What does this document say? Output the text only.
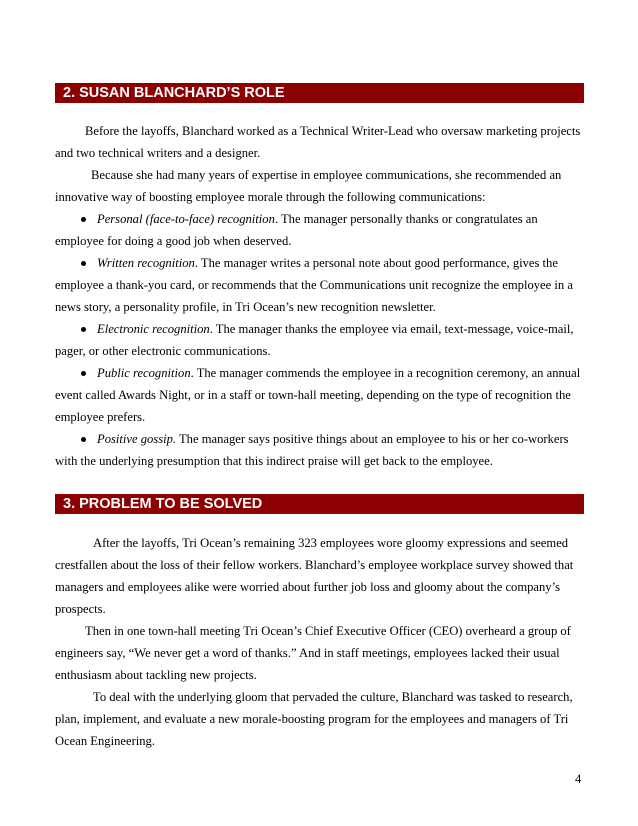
2. SUSAN BLANCHARD’S ROLE

Before the layoffs, Blanchard worked as a Technical Writer-Lead who oversaw marketing projects and two technical writers and a designer.

Because she had many years of expertise in employee communications, she recommended an innovative way of boosting employee morale through the following communications:

Personal (face-to-face) recognition. The manager personally thanks or congratulates an employee for doing a good job when deserved.

Written recognition. The manager writes a personal note about good performance, gives the employee a thank-you card, or recommends that the Communications unit recognize the employee in a news story, a personality profile, in Tri Ocean’s new recognition newsletter.

Electronic recognition. The manager thanks the employee via email, text-message, voice-mail, pager, or other electronic communications.

Public recognition. The manager commends the employee in a recognition ceremony, an annual event called Awards Night, or in a staff or town-hall meeting, depending on the type of recognition the employee prefers.

Positive gossip. The manager says positive things about an employee to his or her co-workers with the underlying presumption that this indirect praise will get back to the employee.

3. PROBLEM TO BE SOLVED

After the layoffs, Tri Ocean’s remaining 323 employees wore gloomy expressions and seemed crestfallen about the loss of their fellow workers. Blanchard’s employee workplace survey showed that managers and employees alike were worried about further job loss and gloomy about the company’s prospects.

Then in one town-hall meeting Tri Ocean’s Chief Executive Officer (CEO) overheard a group of engineers say, “We never get a word of thanks.” And in staff meetings, employees lacked their usual enthusiasm about tackling new projects.

To deal with the underlying gloom that pervaded the culture, Blanchard was tasked to research, plan, implement, and evaluate a new morale-boosting program for the employees and managers of Tri Ocean Engineering.

4
